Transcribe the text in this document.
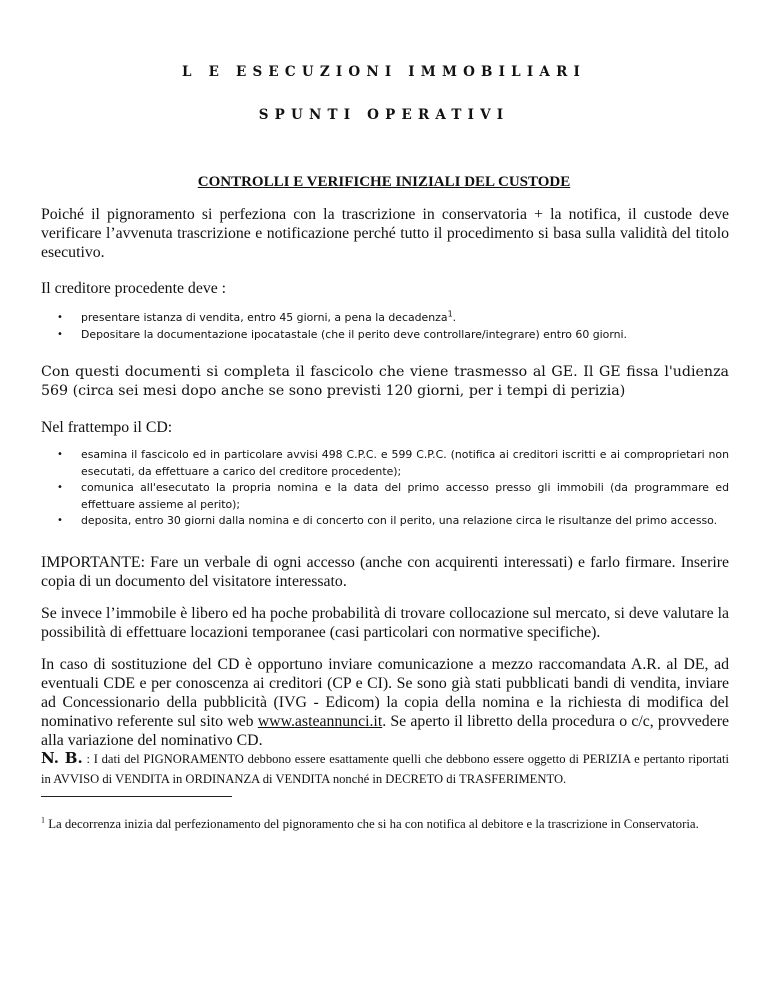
L E ESECUZIONI IMMOBILIARI
SPUNTI OPERATIVI
CONTROLLI E VERIFICHE INIZIALI DEL CUSTODE
Poiché il pignoramento si perfeziona con la trascrizione in conservatoria + la notifica, il custode deve verificare l’avvenuta trascrizione e notificazione perché tutto il procedimento si basa sulla validità del titolo esecutivo.
Il creditore procedente deve :
• presentare istanza di vendita, entro 45 giorni, a pena la decadenza$^1$.
• Depositare la documentazione ipocatastale (che il perito deve controllare/integrare) entro 60 giorni.
Con questi documenti si completa il fascicolo che viene trasmesso al GE. Il GE fissa l'udienza 569 (circa sei mesi dopo anche se sono previsti 120 giorni, per i tempi di perizia)
Nel frattempo il CD:
• esamina il fascicolo ed in particolare avvisi 498 C.P.C. e 599 C.P.C. (notifica ai creditori iscritti e ai comproprietari non esecutati, da effettuare a carico del creditore procedente);
• comunica all'esecutato la propria nomina e la data del primo accesso presso gli immobili (da programmare ed effettuare assieme al perito);
• deposita, entro 30 giorni dalla nomina e di concerto con il perito, una relazione circa le risultanze del primo accesso.
IMPORTANTE: Fare un verbale di ogni accesso (anche con acquirenti interessati) e farlo firmare. Inserire copia di un documento del visitatore interessato.
Se invece l’immobile è libero ed ha poche probabilità di trovare collocazione sul mercato, si deve valutare la possibilità di effettuare locazioni temporanee (casi particolari con normative specifiche).
In caso di sostituzione del CD è opportuno inviare comunicazione a mezzo raccomandata A.R. al DE, ad eventuali CDE e per conoscenza ai creditori (CP e CI). Se sono già stati pubblicati bandi di vendita, inviare ad Concessionario della pubblicità (IVG - Edicom) la copia della nomina e la richiesta di modifica del nominativo referente sul sito web www.asteannunci.it. Se aperto il libretto della procedura o c/c, provvedere alla variazione del nominativo CD.
N. B. : I dati del PIGNORAMENTO debbono essere esattamente quelli che debbono essere oggetto di PERIZIA e pertanto riportati in AVVISO di VENDITA in ORDINANZA di VENDITA nonché in DECRETO di TRASFERIMENTO.
$^1$ La decorrenza inizia dal perfezionamento del pignoramento che si ha con notifica al debitore e la trascrizione in Conservatoria.
